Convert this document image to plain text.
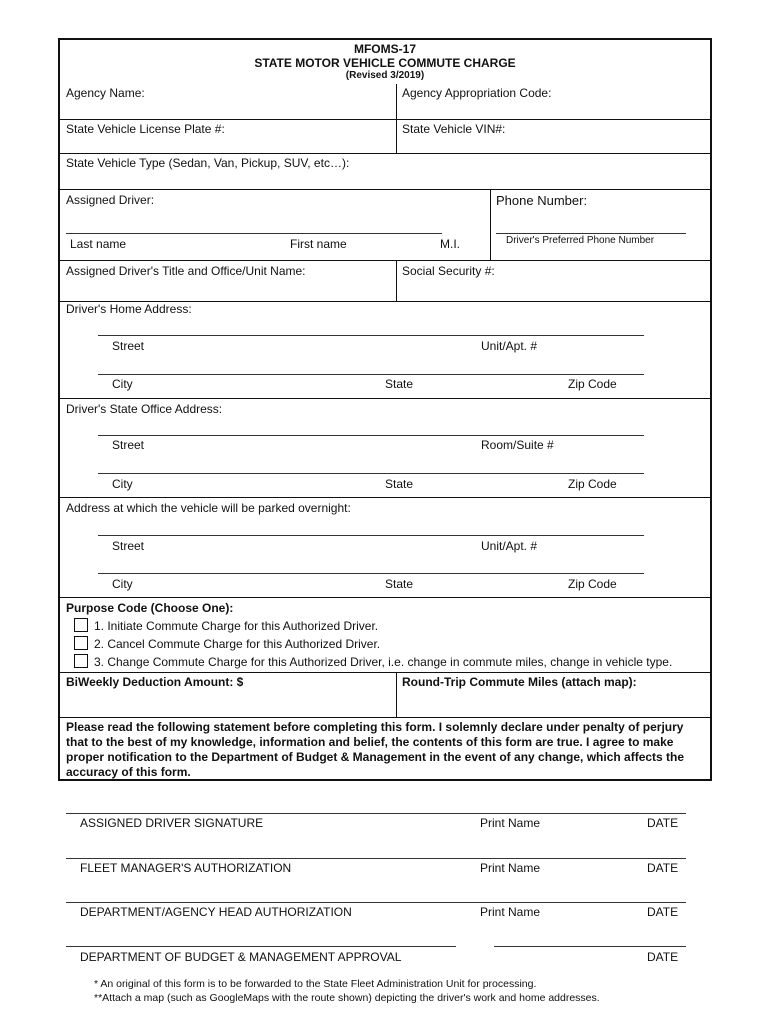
MFOMS-17
STATE MOTOR VEHICLE COMMUTE CHARGE
(Revised 3/2019)
Agency Name:	Agency Appropriation Code:
State Vehicle License Plate #:	State Vehicle VIN#:
State Vehicle Type (Sedan, Van, Pickup, SUV, etc…):
Assigned Driver:	Phone Number:
Last name	First name	M.I.	Driver's Preferred Phone Number
Assigned Driver's Title and Office/Unit Name:	Social Security #:
Driver's Home Address:
Street	Unit/Apt. #
City	State	Zip Code
Driver's State Office Address:
Street	Room/Suite #
City	State	Zip Code
Address at which the vehicle will be parked overnight:
Street	Unit/Apt. #
City	State	Zip Code
Purpose Code (Choose One):
1. Initiate Commute Charge for this Authorized Driver.
2. Cancel Commute Charge for this Authorized Driver.
3. Change Commute Charge for this Authorized Driver, i.e. change in commute miles, change in vehicle type.
BiWeekly Deduction Amount: $	Round-Trip Commute Miles (attach map):
Please read the following statement before completing this form. I solemnly declare under penalty of perjury that to the best of my knowledge, information and belief, the contents of this form are true. I agree to make proper notification to the Department of Budget & Management in the event of any change, which affects the accuracy of this form.
ASSIGNED DRIVER SIGNATURE	Print Name	DATE
FLEET MANAGER'S AUTHORIZATION	Print Name	DATE
DEPARTMENT/AGENCY HEAD AUTHORIZATION	Print Name	DATE
DEPARTMENT OF BUDGET & MANAGEMENT APPROVAL	DATE
* An original of this form is to be forwarded to the State Fleet Administration Unit for processing.
**Attach a map (such as GoogleMaps with the route shown) depicting the driver's work and home addresses.
